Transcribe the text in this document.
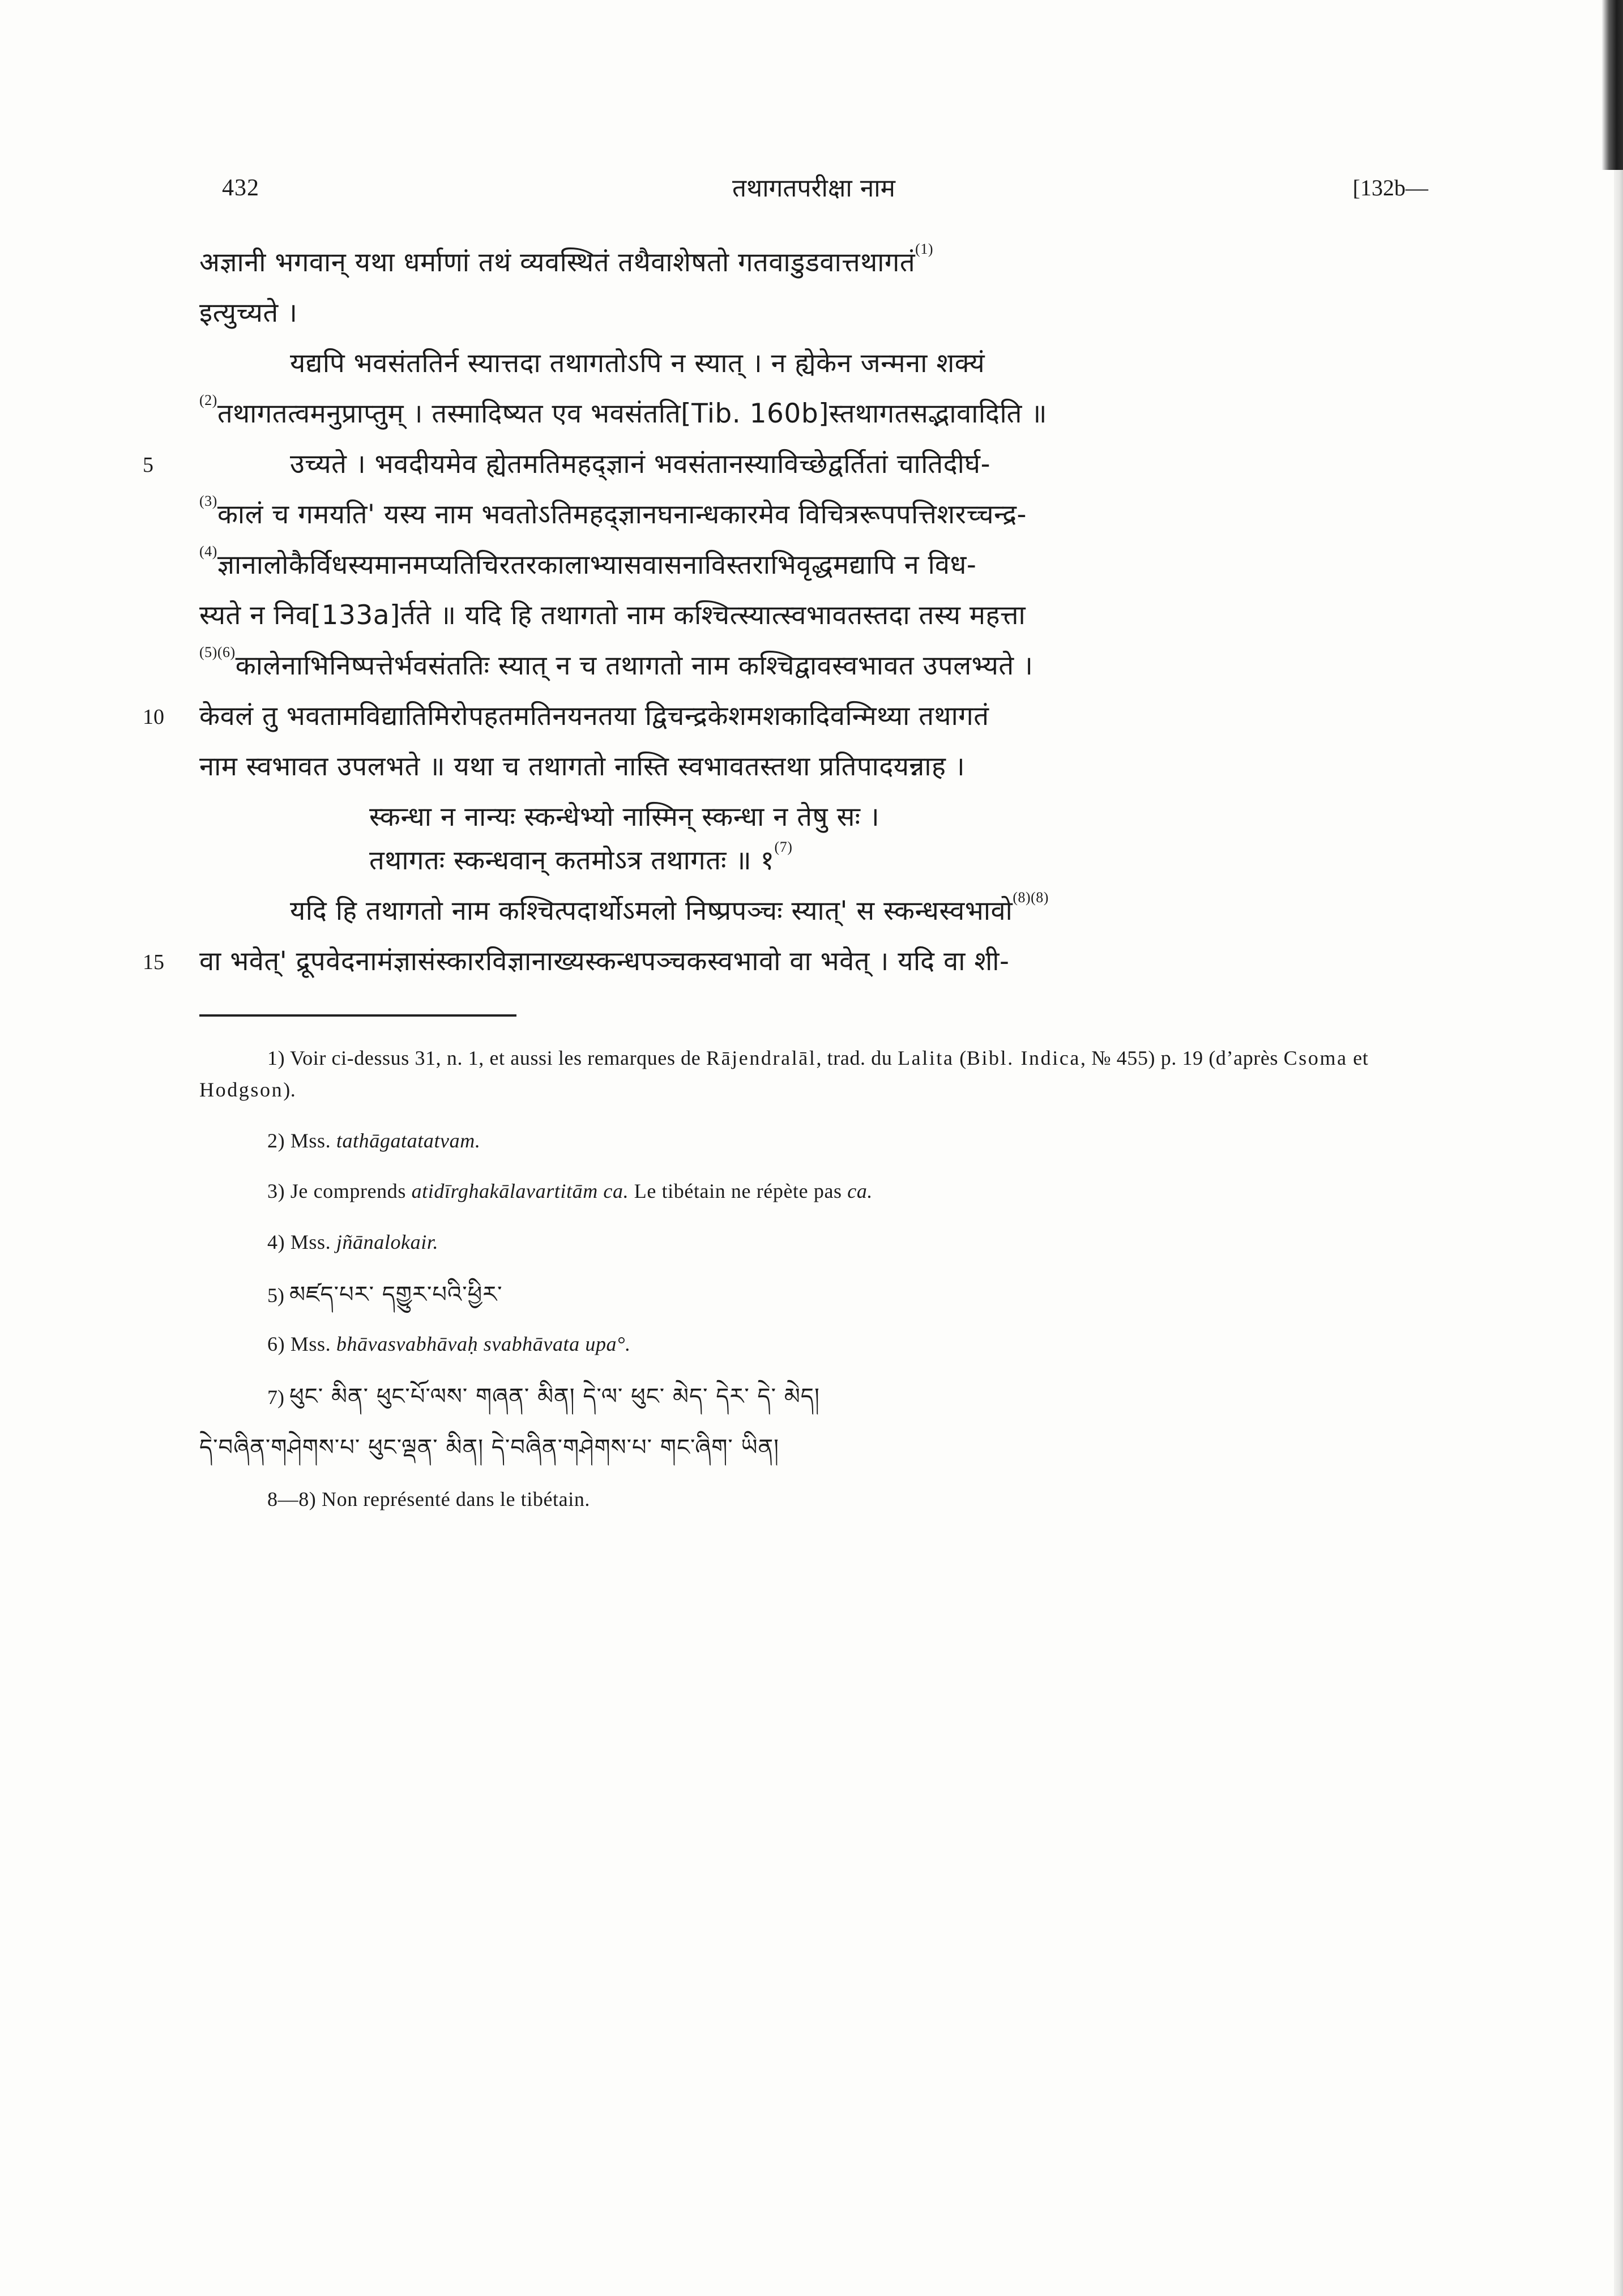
432	तथागतपरीक्षा नाम	[132b—
अज्ञानी भगवान् यथा धर्माणां तथं व्यवस्थितं तथैवाशेषतो गतवाडुडवात्तथागतं$^{(1)}$
इत्युच्यते ।
यद्यपि भवसंततिर्न स्यात्तदा तथागतोऽपि न स्यात् । न ह्येकेन जन्मना शक्यं
$^{(2)}$तथागतत्वमनुप्राप्तुम् । तस्मादिष्यत एव भवसंतति[Tib. 160b]स्तथागतसद्भावादिति ॥
5	उच्यते । भवदीयमेव ह्येतमतिमहद्ज्ञानं भवसंतानस्याविच्छेद्वर्तितां चातिदीर्घ-
$^{(3)}$कालं च गमयति' यस्य नाम भवतोऽतिमहद्ज्ञानघनान्धकारमेव विचित्ररूपपत्तिशरच्चन्द्र-
$^{(4)}$ज्ञानालोकैर्विधस्यमानमप्यतिचिरतरकालाभ्यासवासनाविस्तराभिवृद्धमद्यापि न विध-
स्यते न निव[133a]र्तते ॥ यदि हि तथागतो नाम कश्चित्स्यात्स्वभावतस्तदा तस्य महत्ता
$^{(5)(6)}$कालेनाभिनिष्पत्तेर्भवसंततिः स्यात् न च तथागतो नाम कश्चिद्वावस्वभावत उपलभ्यते ।
10 केवलं तु भवतामविद्यातिमिरोपहतमतिनयनतया द्विचन्द्रकेशमशकादिवन्मिथ्या तथागतं
नाम स्वभावत उपलभते ॥ यथा च तथागतो नास्ति स्वभावतस्तथा प्रतिपादयन्नाह ।
स्कन्धा न नान्यः स्कन्धेभ्यो नास्मिन् स्कन्धा न तेषु सः ।
तथागतः स्कन्धवान् कतमोऽत्र तथागतः ॥ १$^{(7)}$
यदि हि तथागतो नाम कश्चित्पदार्थोऽमलो निष्प्रपञ्चः स्यात्' स स्कन्धस्वभावो$^{(8)(8)}$
15 वा भवेत्' द्रूपवेदनामंज्ञासंस्कारविज्ञानाख्यस्कन्धपञ्चकस्वभावो वा भवेत् । यदि वा शी-
1) Voir ci-dessus 31, n. 1, et aussi les remarques de Rājendralāl, trad. du Lalita (Bibl. Indica, № 455) p. 19 (d’après Csoma et Hodgson).
2) Mss. tathāgatatatvam.
3) Je comprends atidīrghakālavartitām ca. Le tibétain ne répète pas ca.
4) Mss. jñānalokair.
5) མཛད་པར་ དགྱུར་པའི་ཕྱིར་
6) Mss. bhāvasvabhāvaḥ svabhāvata upa°.
7) ཕུང་ མིན་ ཕུང་པོ་ལས་ གཞན་ མིན། དེ་ལ་ ཕུང་ མེད་ དེར་ དེ་ མེད།
དེ་བཞིན་གཤེགས་པ་ ཕུང་ལྡན་ མིན། དེ་བཞིན་གཤེགས་པ་ གང་ཞིག་ ཡིན།
8—8) Non représenté dans le tibétain.
